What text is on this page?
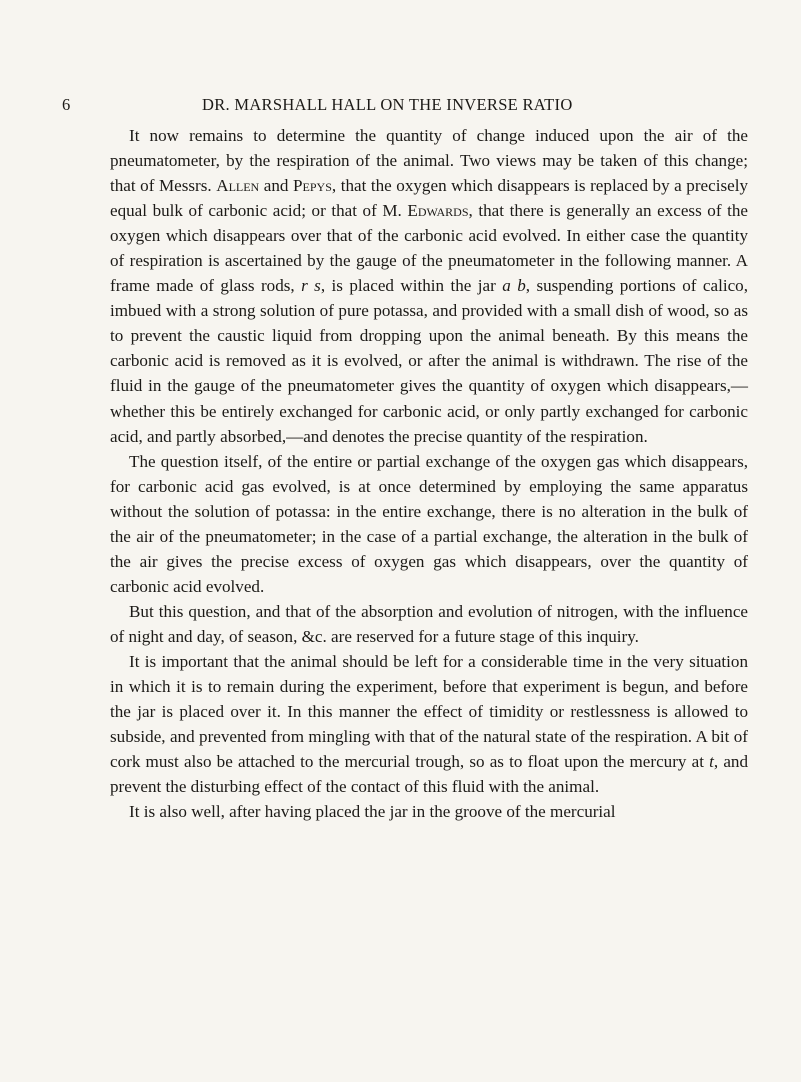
6	DR. MARSHALL HALL ON THE INVERSE RATIO

It now remains to determine the quantity of change induced upon the air of the pneumatometer, by the respiration of the animal. Two views may be taken of this change; that of Messrs. Allen and Pepys, that the oxygen which disappears is replaced by a precisely equal bulk of carbonic acid; or that of M. Edwards, that there is generally an excess of the oxygen which disappears over that of the carbonic acid evolved. In either case the quantity of respiration is ascertained by the gauge of the pneumatometer in the following manner. A frame made of glass rods, r s, is placed within the jar a b, suspending portions of calico, imbued with a strong solution of pure potassa, and provided with a small dish of wood, so as to prevent the caustic liquid from dropping upon the animal beneath. By this means the carbonic acid is removed as it is evolved, or after the animal is withdrawn. The rise of the fluid in the gauge of the pneumatometer gives the quantity of oxygen which disappears,—whether this be entirely exchanged for carbonic acid, or only partly exchanged for carbonic acid, and partly absorbed,—and denotes the precise quantity of the respiration.

The question itself, of the entire or partial exchange of the oxygen gas which disappears, for carbonic acid gas evolved, is at once determined by employing the same apparatus without the solution of potassa: in the entire exchange, there is no alteration in the bulk of the air of the pneumatometer; in the case of a partial exchange, the alteration in the bulk of the air gives the precise excess of oxygen gas which disappears, over the quantity of carbonic acid evolved.

But this question, and that of the absorption and evolution of nitrogen, with the influence of night and day, of season, &c. are reserved for a future stage of this inquiry.

It is important that the animal should be left for a considerable time in the very situation in which it is to remain during the experiment, before that experiment is begun, and before the jar is placed over it. In this manner the effect of timidity or restlessness is allowed to subside, and prevented from mingling with that of the natural state of the respiration. A bit of cork must also be attached to the mercurial trough, so as to float upon the mercury at t, and prevent the disturbing effect of the contact of this fluid with the animal.

It is also well, after having placed the jar in the groove of the mercurial
